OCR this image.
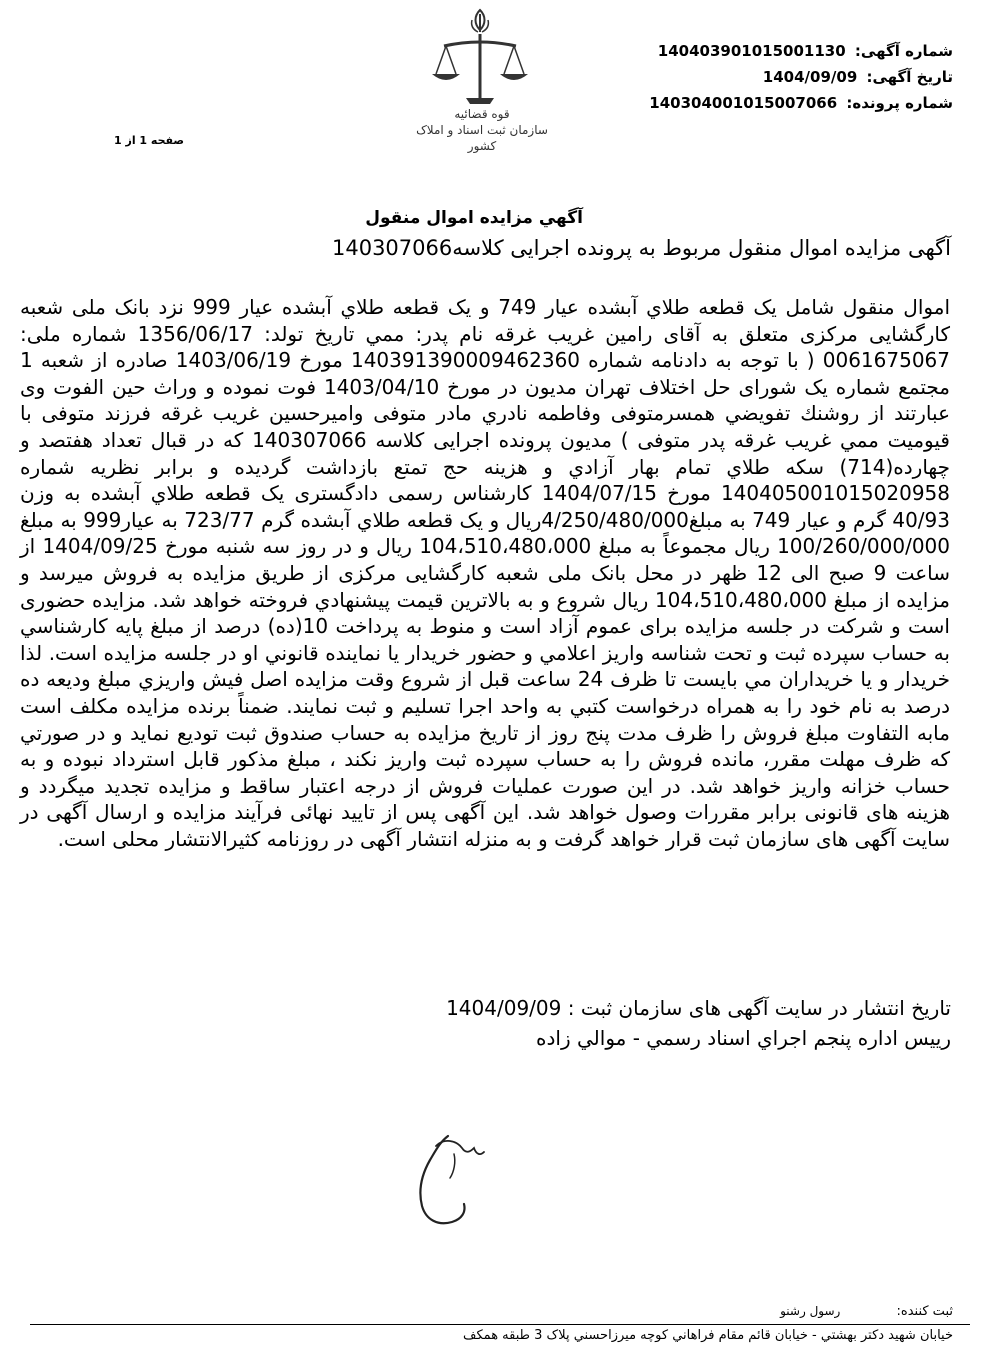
شماره آگهی: 140403901015001130
تاریخ آگهی: 1404/09/09
شماره پرونده: 140304001015007066
قوه قضائیه
سازمان ثبت اسناد و املاک کشور
صفحه 1 از 1
آگهي مزايده اموال منقول
آگهی مزایده اموال منقول مربوط به پرونده اجرایی کلاسه140307066
اموال منقول شامل یک قطعه طلاي آبشده عيار 749 و يک قطعه طلاي آبشده عيار 999 نزد بانک ملی شعبه کارگشایی مرکزی متعلق به آقای رامین غریب غرقه نام پدر: ممي تاریخ تولد: 1356/06/17 شماره ملی: 0061675067 ( با توجه به دادنامه شماره 140391390009462360 مورخ 1403/06/19 صادره از شعبه 1 مجتمع شماره یک شورای حل اختلاف تهران مدیون در مورخ 1403/04/10 فوت نموده و وراث حین الفوت وی عبارتند از روشنك تفويضي همسرمتوفی وفاطمه نادري مادر متوفی وامیرحسین غریب غرقه فرزند متوفی با قیومیت ممي غریب غرقه پدر متوفی ) مدیون پرونده اجرایی کلاسه 140307066 که در قبال تعداد هفتصد و چهارده(714) سکه طلاي تمام بهار آزادي و هزینه حج تمتع بازداشت گردیده و برابر نظریه شماره 14040500101502095‍8 مورخ 1404/07/15 کارشناس رسمی دادگستری یک قطعه طلاي آبشده به وزن 40/93 گرم و عیار 749 به مبلغ4/250/480/000ریال و یک قطعه طلاي آبشده گرم 723/77 به عيار999 به مبلغ 100/260/000/000 ریال مجموعاً به مبلغ 104،510،480،000 ریال و در روز سه شنبه مورخ 1404/09/25 از ساعت 9 صبح الی 12 ظهر در محل بانک ملی شعبه کارگشایی مرکزی از طریق مزایده به فروش میرسد و مزایده از مبلغ 104،510،480،000 ریال شروع و به بالاترین قیمت پیشنهادي فروخته خواهد شد. مزایده حضوری است و شرکت در جلسه مزایده برای عموم آزاد است و منوط به پرداخت 10(ده) درصد از مبلغ پایه کارشناسي به حساب سپرده ثبت و تحت شناسه واریز اعلامي و حضور خریدار یا نماینده قانوني او در جلسه مزایده است. لذا خریدار و یا خریداران مي بایست تا ظرف 24 ساعت قبل از شروع وقت مزایده اصل فیش واریزي مبلغ ودیعه ده درصد به نام خود را به همراه درخواست کتبي به واحد اجرا تسلیم و ثبت نمایند. ضمناً برنده مزایده مکلف است مابه التفاوت مبلغ فروش را ظرف مدت پنج روز از تاریخ مزایده به حساب صندوق ثبت توديع نماید و در صورتي که ظرف مهلت مقرر، مانده فروش را به حساب سپرده ثبت واریز نکند ، مبلغ مذکور قابل استرداد نبوده و به حساب خزانه واریز خواهد شد. در این صورت عملیات فروش از درجه اعتبار ساقط و مزایده تجدید میگردد و هزینه های قانونی برابر مقررات وصول خواهد شد. این آگهی پس از تایید نهائی فرآیند مزایده و ارسال آگهی در سایت آگهی های سازمان ثبت قرار خواهد گرفت و به منزله انتشار آگهی در روزنامه کثیرالانتشار محلی است.
تاریخ انتشار در سایت آگهی های سازمان ثبت : 1404/09/09
رییس اداره پنجم اجراي اسناد رسمي - موالي زاده
ثبت کننده: رسول رشنو
خیابان شهید دکتر بهشتي - خیابان قائم مقام فراهاني کوچه میرزاحسني پلاک 3 طبقه همکف
